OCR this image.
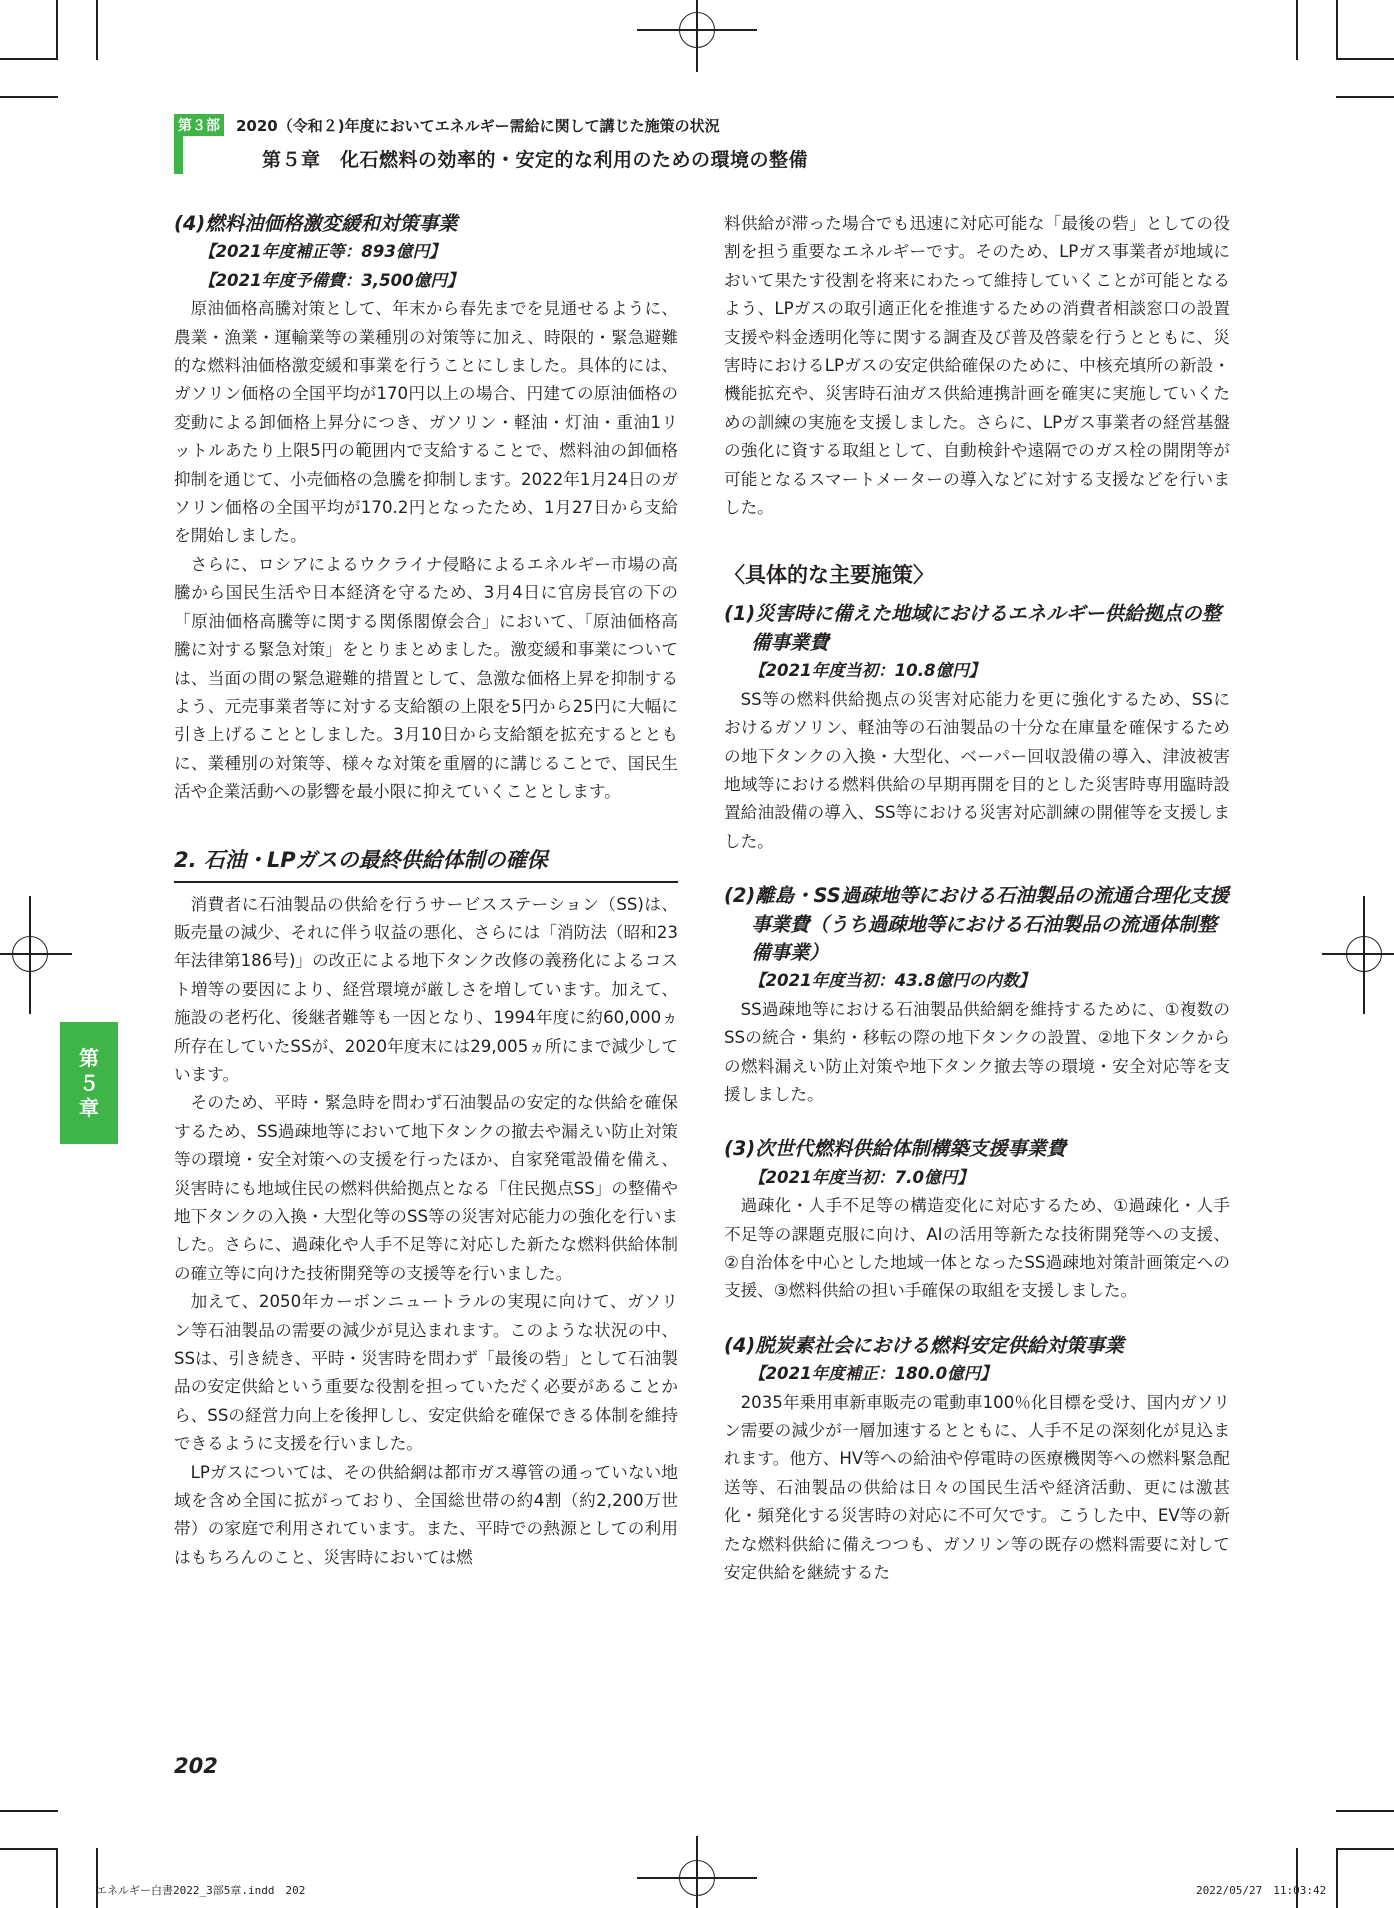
第３部 2020（令和２)年度においてエネルギー需給に関して講じた施策の状況
第５章　化石燃料の効率的・安定的な利用のための環境の整備
第
５
章
(4)燃料油価格激変緩和対策事業
【2021年度補正等：893億円】
【2021年度予備費：3,500億円】

原油価格高騰対策として、年末から春先までを見通せるように、農業・漁業・運輸業等の業種別の対策等に加え、時限的・緊急避難的な燃料油価格激変緩和事業を行うことにしました。具体的には、ガソリン価格の全国平均が170円以上の場合、円建ての原油価格の変動による卸価格上昇分につき、ガソリン・軽油・灯油・重油1リットルあたり上限5円の範囲内で支給することで、燃料油の卸価格抑制を通じて、小売価格の急騰を抑制します。2022年1月24日のガソリン価格の全国平均が170.2円となったため、1月27日から支給を開始しました。

さらに、ロシアによるウクライナ侵略によるエネルギー市場の高騰から国民生活や日本経済を守るため、3月4日に官房長官の下の「原油価格高騰等に関する関係閣僚会合」において、「原油価格高騰に対する緊急対策」をとりまとめました。激変緩和事業については、当面の間の緊急避難的措置として、急激な価格上昇を抑制するよう、元売事業者等に対する支給額の上限を5円から25円に大幅に引き上げることとしました。3月10日から支給額を拡充するとともに、業種別の対策等、様々な対策を重層的に講じることで、国民生活や企業活動への影響を最小限に抑えていくこととします。

2. 石油・LPガスの最終供給体制の確保

消費者に石油製品の供給を行うサービスステーション（SS)は、販売量の減少、それに伴う収益の悪化、さらには「消防法（昭和23年法律第186号)」の改正による地下タンク改修の義務化によるコスト増等の要因により、経営環境が厳しさを増しています。加えて、施設の老朽化、後継者難等も一因となり、1994年度に約60,000ヵ所存在していたSSが、2020年度末には29,005ヵ所にまで減少しています。

そのため、平時・緊急時を問わず石油製品の安定的な供給を確保するため、SS過疎地等において地下タンクの撤去や漏えい防止対策等の環境・安全対策への支援を行ったほか、自家発電設備を備え、災害時にも地域住民の燃料供給拠点となる「住民拠点SS」の整備や地下タンクの入換・大型化等のSS等の災害対応能力の強化を行いました。さらに、過疎化や人手不足等に対応した新たな燃料供給体制の確立等に向けた技術開発等の支援等を行いました。

加えて、2050年カーボンニュートラルの実現に向けて、ガソリン等石油製品の需要の減少が見込まれます。このような状況の中、SSは、引き続き、平時・災害時を問わず「最後の砦」として石油製品の安定供給という重要な役割を担っていただく必要があることから、SSの経営力向上を後押しし、安定供給を確保できる体制を維持できるように支援を行いました。

LPガスについては、その供給網は都市ガス導管の通っていない地域を含め全国に拡がっており、全国総世帯の約4割（約2,200万世帯）の家庭で利用されています。また、平時での熱源としての利用はもちろんのこと、災害時においては燃

料供給が滞った場合でも迅速に対応可能な「最後の砦」としての役割を担う重要なエネルギーです。そのため、LPガス事業者が地域において果たす役割を将来にわたって維持していくことが可能となるよう、LPガスの取引適正化を推進するための消費者相談窓口の設置支援や料金透明化等に関する調査及び普及啓蒙を行うとともに、災害時におけるLPガスの安定供給確保のために、中核充填所の新設・機能拡充や、災害時石油ガス供給連携計画を確実に実施していくための訓練の実施を支援しました。さらに、LPガス事業者の経営基盤の強化に資する取組として、自動検針や遠隔でのガス栓の開閉等が可能となるスマートメーターの導入などに対する支援などを行いました。

〈具体的な主要施策〉
(1)災害時に備えた地域におけるエネルギー供給拠点の整備事業費
【2021年度当初：10.8億円】

SS等の燃料供給拠点の災害対応能力を更に強化するため、SSにおけるガソリン、軽油等の石油製品の十分な在庫量を確保するための地下タンクの入換・大型化、ベーパー回収設備の導入、津波被害地域等における燃料供給の早期再開を目的とした災害時専用臨時設置給油設備の導入、SS等における災害対応訓練の開催等を支援しました。

(2)離島・SS過疎地等における石油製品の流通合理化支援事業費（うち過疎地等における石油製品の流通体制整備事業）
【2021年度当初：43.8億円の内数】

SS過疎地等における石油製品供給網を維持するために、①複数のSSの統合・集約・移転の際の地下タンクの設置、②地下タンクからの燃料漏えい防止対策や地下タンク撤去等の環境・安全対応等を支援しました。

(3)次世代燃料供給体制構築支援事業費
【2021年度当初：7.0億円】

過疎化・人手不足等の構造変化に対応するため、①過疎化・人手不足等の課題克服に向け、AIの活用等新たな技術開発等への支援、②自治体を中心とした地域一体となったSS過疎地対策計画策定への支援、③燃料供給の担い手確保の取組を支援しました。

(4)脱炭素社会における燃料安定供給対策事業
【2021年度補正：180.0億円】

2035年乗用車新車販売の電動車100％化目標を受け、国内ガソリン需要の減少が一層加速するとともに、人手不足の深刻化が見込まれます。他方、HV等への給油や停電時の医療機関等への燃料緊急配送等、石油製品の供給は日々の国民生活や経済活動、更には激甚化・頻発化する災害時の対応に不可欠です。こうした中、EV等の新たな燃料供給に備えつつも、ガソリン等の既存の燃料需要に対して安定供給を継続するた

202
エネルギー白書2022_3部5章.indd　202	2022/05/27　11:03:42
